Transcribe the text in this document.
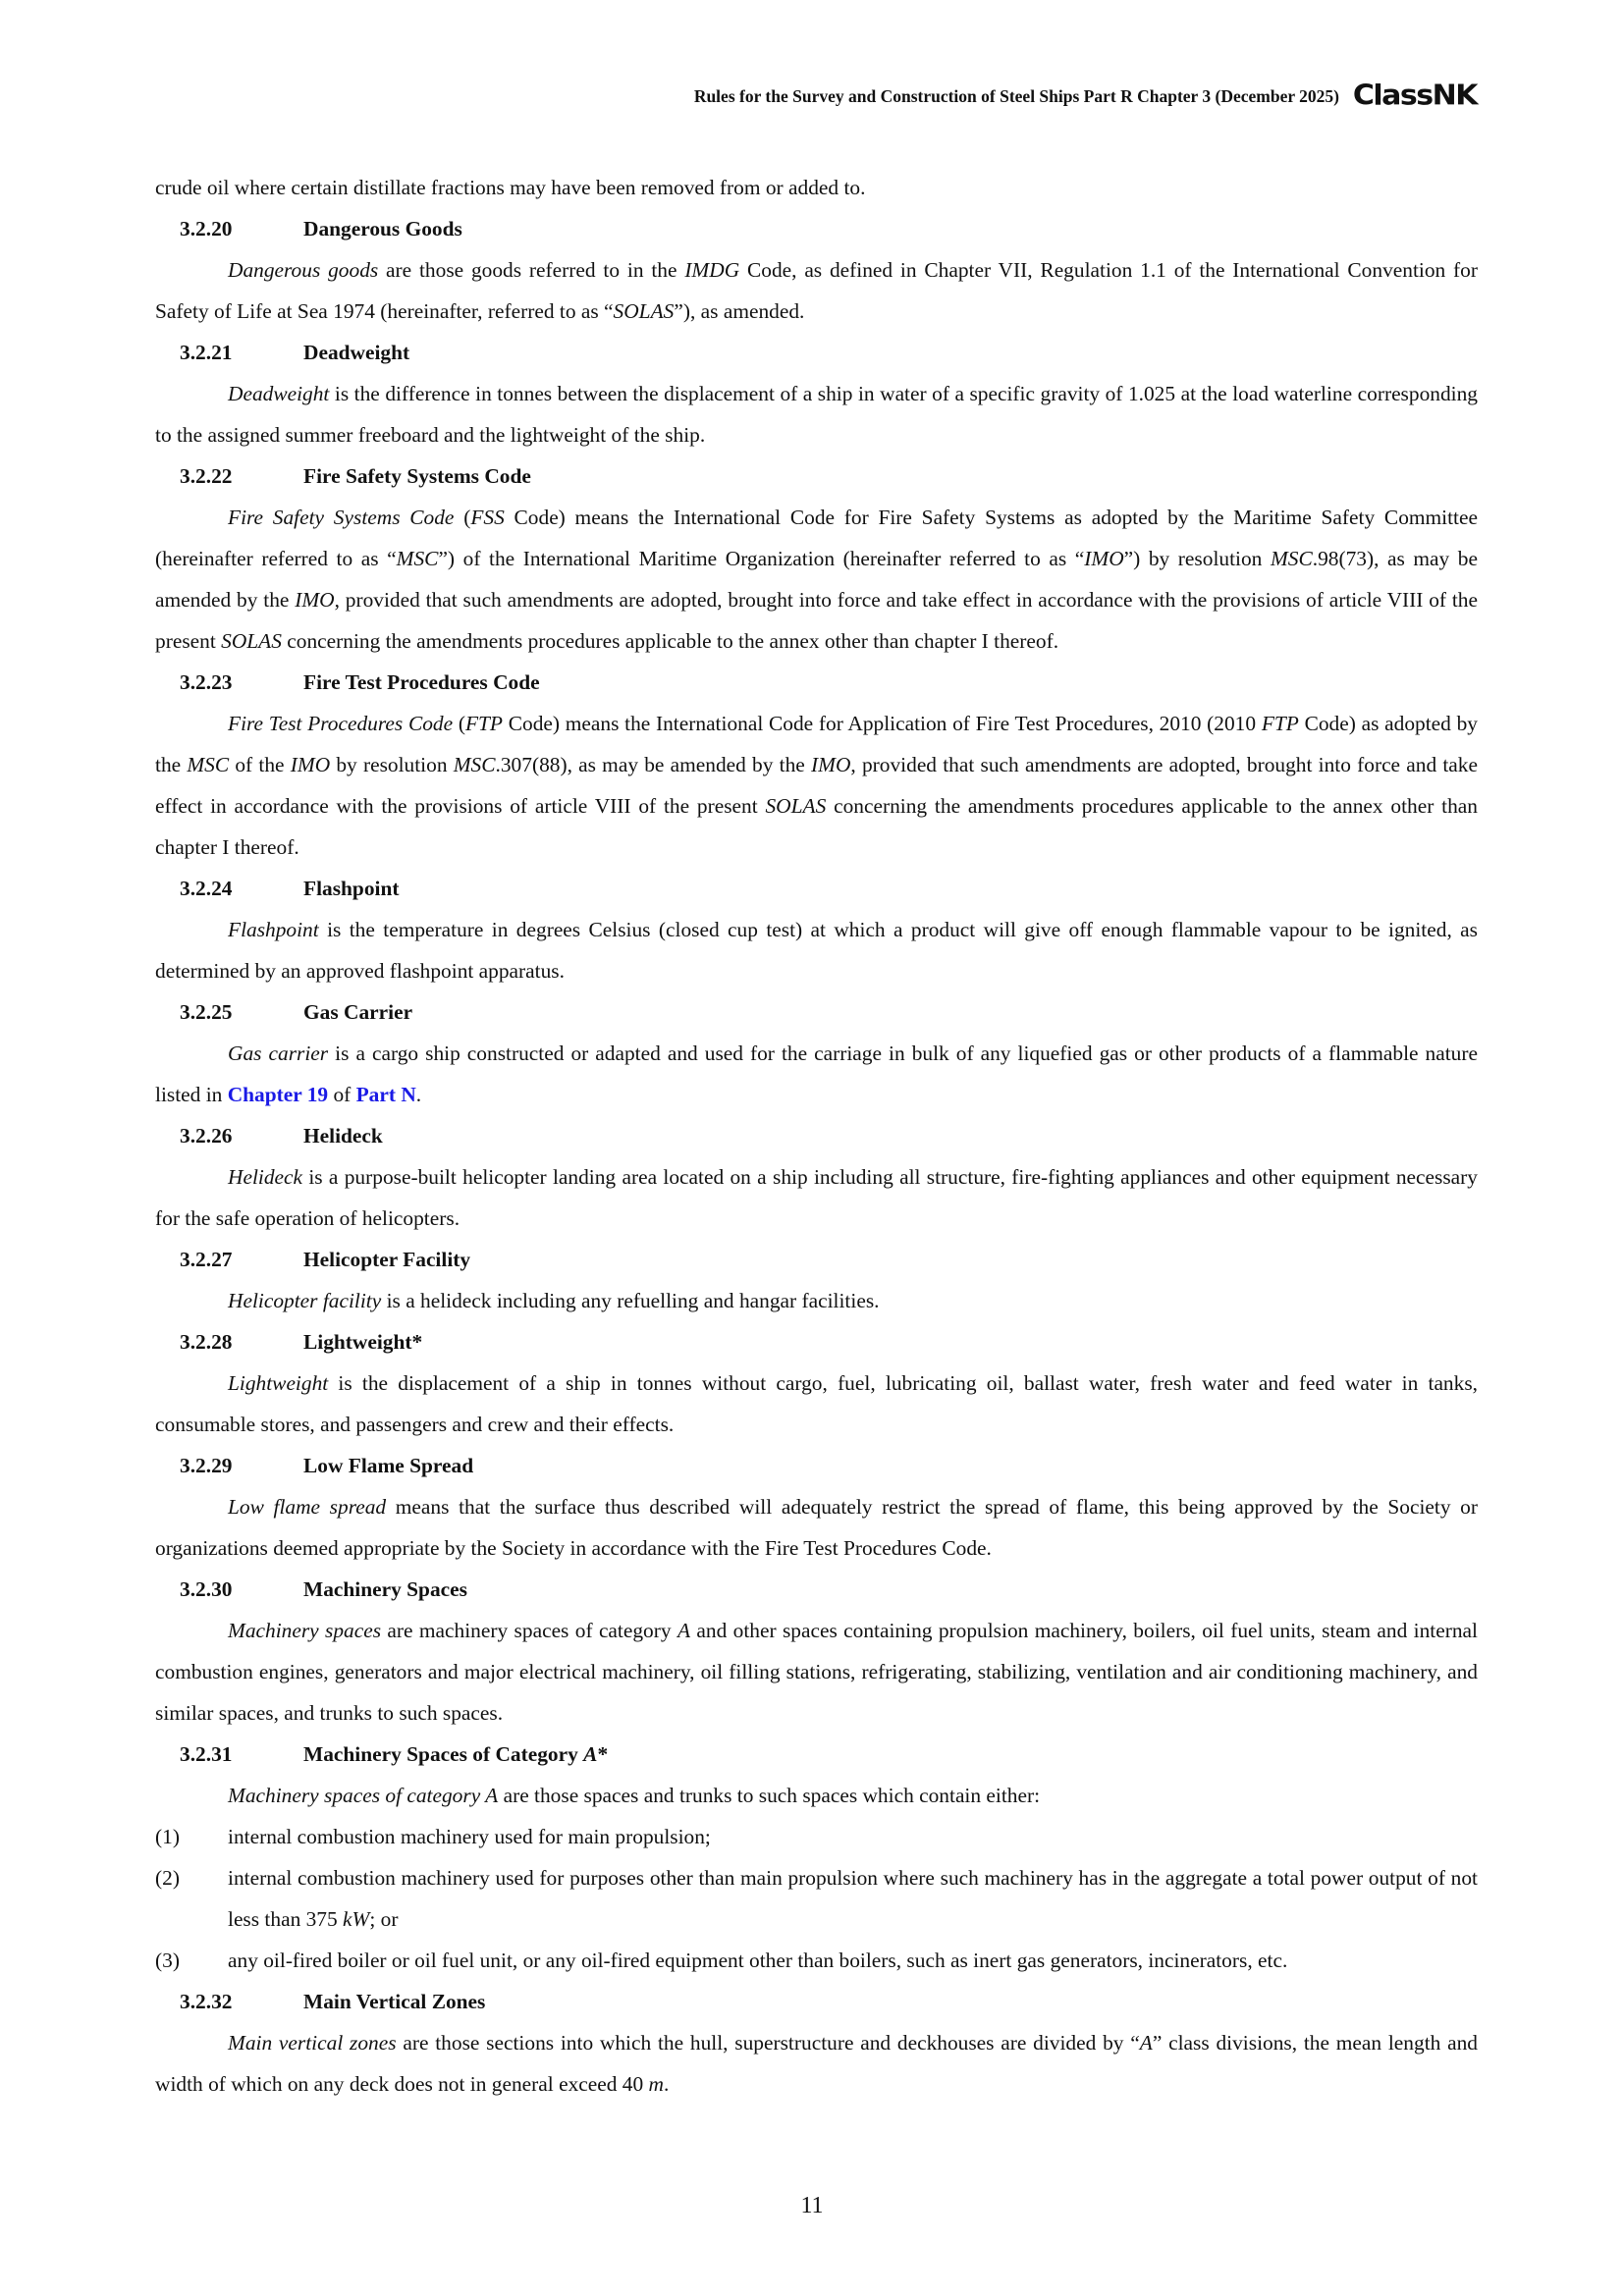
Rules for the Survey and Construction of Steel Ships Part R Chapter 3 (December 2025) ClassNK

crude oil where certain distillate fractions may have been removed from or added to.

3.2.20	Dangerous Goods

Dangerous goods are those goods referred to in the IMDG Code, as defined in Chapter VII, Regulation 1.1 of the International Convention for Safety of Life at Sea 1974 (hereinafter, referred to as “SOLAS”), as amended.

3.2.21	Deadweight

Deadweight is the difference in tonnes between the displacement of a ship in water of a specific gravity of 1.025 at the load waterline corresponding to the assigned summer freeboard and the lightweight of the ship.

3.2.22	Fire Safety Systems Code

Fire Safety Systems Code (FSS Code) means the International Code for Fire Safety Systems as adopted by the Maritime Safety Committee (hereinafter referred to as “MSC”) of the International Maritime Organization (hereinafter referred to as “IMO”) by resolution MSC.98(73), as may be amended by the IMO, provided that such amendments are adopted, brought into force and take effect in accordance with the provisions of article VIII of the present SOLAS concerning the amendments procedures applicable to the annex other than chapter I thereof.

3.2.23	Fire Test Procedures Code

Fire Test Procedures Code (FTP Code) means the International Code for Application of Fire Test Procedures, 2010 (2010 FTP Code) as adopted by the MSC of the IMO by resolution MSC.307(88), as may be amended by the IMO, provided that such amendments are adopted, brought into force and take effect in accordance with the provisions of article VIII of the present SOLAS concerning the amendments procedures applicable to the annex other than chapter I thereof.

3.2.24	Flashpoint

Flashpoint is the temperature in degrees Celsius (closed cup test) at which a product will give off enough flammable vapour to be ignited, as determined by an approved flashpoint apparatus.

3.2.25	Gas Carrier

Gas carrier is a cargo ship constructed or adapted and used for the carriage in bulk of any liquefied gas or other products of a flammable nature listed in Chapter 19 of Part N.

3.2.26	Helideck

Helideck is a purpose-built helicopter landing area located on a ship including all structure, fire-fighting appliances and other equipment necessary for the safe operation of helicopters.

3.2.27	Helicopter Facility

Helicopter facility is a helideck including any refuelling and hangar facilities.

3.2.28	Lightweight*

Lightweight is the displacement of a ship in tonnes without cargo, fuel, lubricating oil, ballast water, fresh water and feed water in tanks, consumable stores, and passengers and crew and their effects.

3.2.29	Low Flame Spread

Low flame spread means that the surface thus described will adequately restrict the spread of flame, this being approved by the Society or organizations deemed appropriate by the Society in accordance with the Fire Test Procedures Code.

3.2.30	Machinery Spaces

Machinery spaces are machinery spaces of category A and other spaces containing propulsion machinery, boilers, oil fuel units, steam and internal combustion engines, generators and major electrical machinery, oil filling stations, refrigerating, stabilizing, ventilation and air conditioning machinery, and similar spaces, and trunks to such spaces.

3.2.31	Machinery Spaces of Category A*

Machinery spaces of category A are those spaces and trunks to such spaces which contain either:

(1)	internal combustion machinery used for main propulsion;
(2)	internal combustion machinery used for purposes other than main propulsion where such machinery has in the aggregate a total power output of not less than 375 kW; or
(3)	any oil-fired boiler or oil fuel unit, or any oil-fired equipment other than boilers, such as inert gas generators, incinerators, etc.
3.2.32	Main Vertical Zones

Main vertical zones are those sections into which the hull, superstructure and deckhouses are divided by “A” class divisions, the mean length and width of which on any deck does not in general exceed 40 m.

11
